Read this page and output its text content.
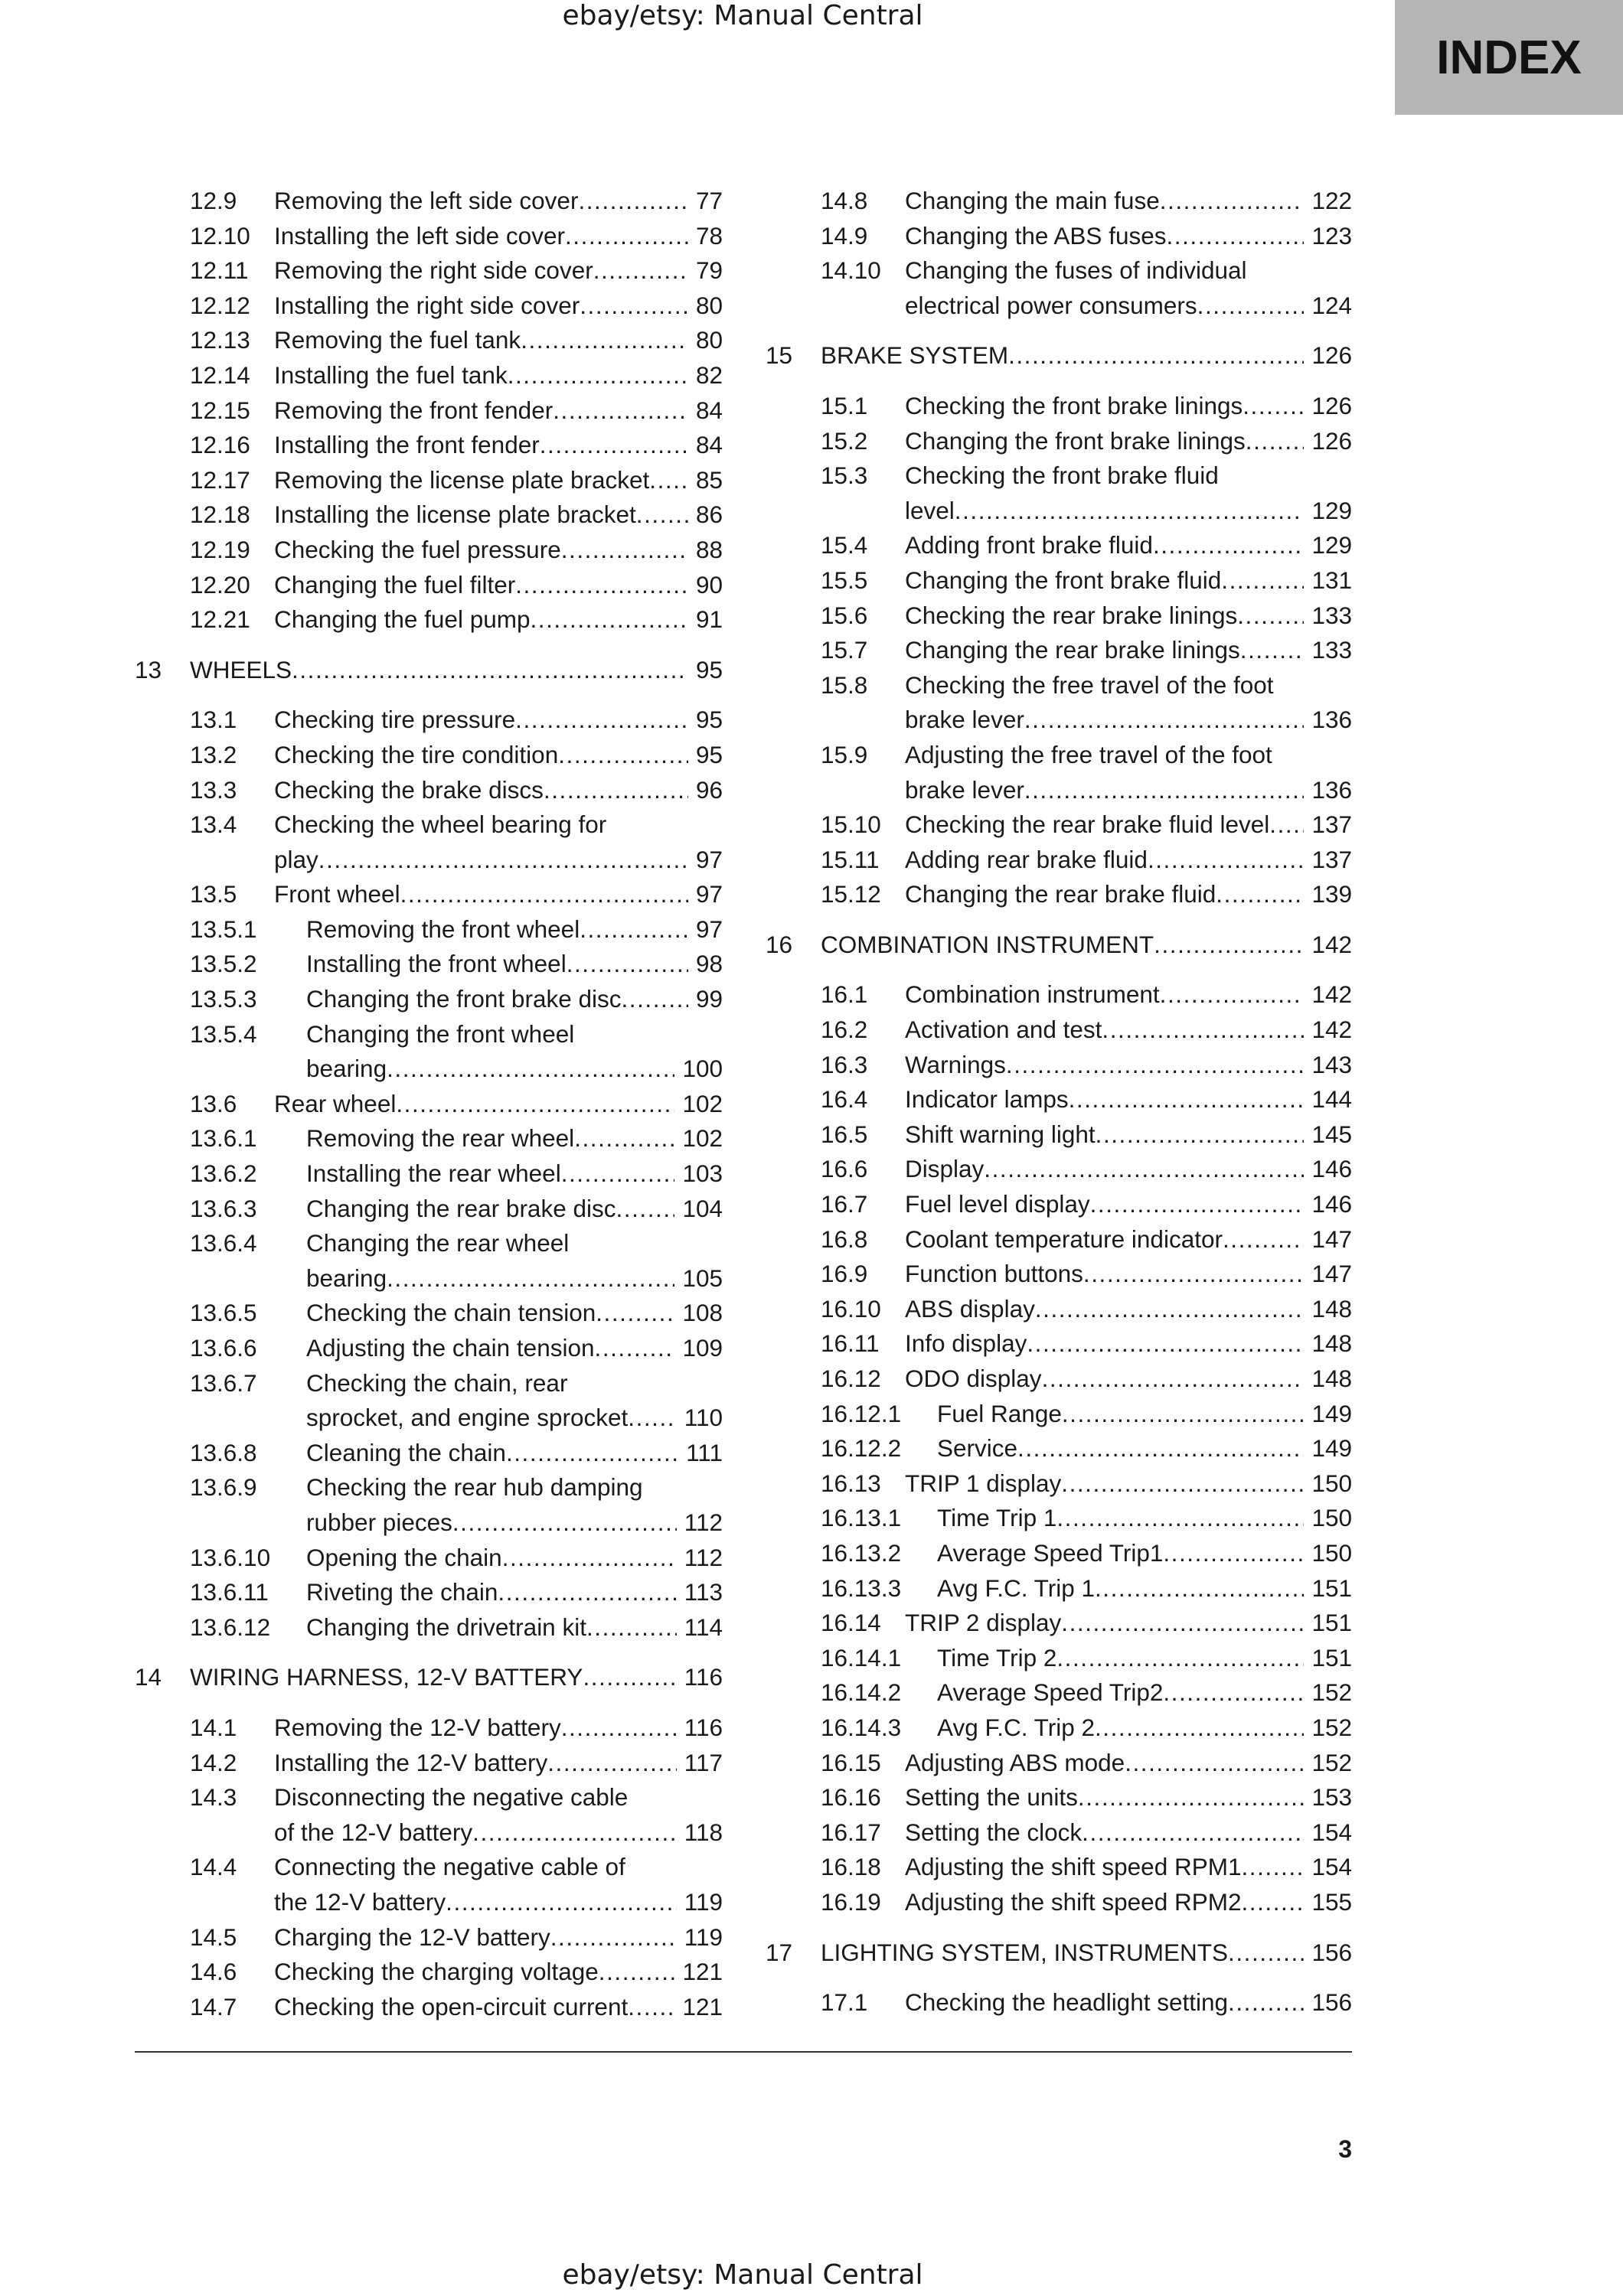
ebay/etsy: Manual Central
INDEX
12.9	Removing the left side cover . . .	77
12.10 Installing the left side cover . . .	78
12.11	Removing the right side cover . . .	79
12.12 Installing the right side cover . . .	80
12.13 Removing the fuel tank . . .	80
12.14 Installing the fuel tank . . .	82
12.15 Removing the front fender . . .	84
12.16 Installing the front fender . . .	84
12.17 Removing the license plate bracket . . .	85
12.18 Installing the license plate bracket . . .	86
12.19 Checking the fuel pressure . . .	88
12.20 Changing the fuel filter . . .	90
12.21 Changing the fuel pump . . .	91
13	WHEELS . . .	95
13.1	Checking tire pressure . . .	95
13.2	Checking the tire condition . . .	95
13.3	Checking the brake discs . . .	96
13.4	Checking the wheel bearing for
play . . .	97
13.5	Front wheel . . .	97
13.5.1	Removing the front wheel . . .	97
13.5.2	Installing the front wheel . . .	98
13.5.3	Changing the front brake disc . . .	99
13.5.4	Changing the front wheel
bearing . . .	100
13.6	Rear wheel . . .	102
13.6.1	Removing the rear wheel . . .	102
13.6.2	Installing the rear wheel . . .	103
13.6.3	Changing the rear brake disc . . .	104
13.6.4	Changing the rear wheel
bearing . . .	105
13.6.5	Checking the chain tension . . .	108
13.6.6	Adjusting the chain tension . . .	109
13.6.7	Checking the chain, rear
sprocket, and engine sprocket . . .	110
13.6.8	Cleaning the chain . . .	111
13.6.9	Checking the rear hub damping
rubber pieces . . .	112
13.6.10	Opening the chain . . .	112
13.6.11	Riveting the chain . . .	113
13.6.12	Changing the drivetrain kit . . .	114
14	WIRING HARNESS, 12-V BATTERY . . .	116
14.1	Removing the 12-V battery . . .	116
14.2	Installing the 12-V battery . . .	117
14.3	Disconnecting the negative cable
of the 12-V battery . . .	118
14.4	Connecting the negative cable of
the 12-V battery . . .	119
14.5	Charging the 12-V battery . . .	119
14.6	Checking the charging voltage . . .	121
14.7	Checking the open-circuit current . . .	121
14.8	Changing the main fuse . . .	122
14.9	Changing the ABS fuses . . .	123
14.10 Changing the fuses of individual
electrical power consumers . . .	124
15	BRAKE SYSTEM . . .	126
15.1	Checking the front brake linings . . .	126
15.2	Changing the front brake linings . . .	126
15.3	Checking the front brake fluid
level . . .	129
15.4	Adding front brake fluid . . .	129
15.5	Changing the front brake fluid . . .	131
15.6	Checking the rear brake linings . . .	133
15.7	Changing the rear brake linings . . .	133
15.8	Checking the free travel of the foot
brake lever . . .	136
15.9	Adjusting the free travel of the foot
brake lever . . .	136
15.10 Checking the rear brake fluid level . . .	137
15.11	Adding rear brake fluid . . .	137
15.12 Changing the rear brake fluid . . .	139
16	COMBINATION INSTRUMENT . . .	142
16.1	Combination instrument . . .	142
16.2	Activation and test . . .	142
16.3	Warnings . . .	143
16.4	Indicator lamps . . .	144
16.5	Shift warning light . . .	145
16.6	Display . . .	146
16.7	Fuel level display . . .	146
16.8	Coolant temperature indicator . . .	147
16.9	Function buttons . . .	147
16.10 ABS display . . .	148
16.11	Info display . . .	148
16.12 ODO display . . .	148
16.12.1	Fuel Range . . .	149
16.12.2	Service . . .	149
16.13 TRIP 1 display . . .	150
16.13.1	Time Trip 1 . . .	150
16.13.2	Average Speed Trip1 . . .	150
16.13.3	Avg F.C. Trip 1 . . .	151
16.14 TRIP 2 display . . .	151
16.14.1	Time Trip 2 . . .	151
16.14.2	Average Speed Trip2 . . .	152
16.14.3	Avg F.C. Trip 2 . . .	152
16.15 Adjusting ABS mode . . .	152
16.16 Setting the units . . .	153
16.17 Setting the clock . . .	154
16.18 Adjusting the shift speed RPM1 . . .	154
16.19 Adjusting the shift speed RPM2 . . .	155
17	LIGHTING SYSTEM, INSTRUMENTS . . .	156
17.1	Checking the headlight setting . . .	156
3
ebay/etsy: Manual Central
